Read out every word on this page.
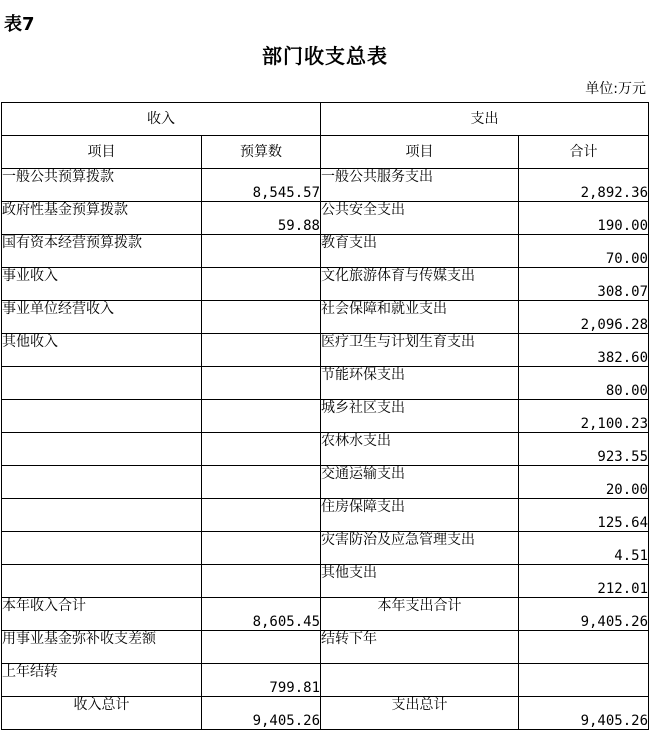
表7
部门收支总表
单位:万元
收入		支出	
项目	预算数	项目	合计
一般公共预算拨款	8,545.57	一般公共服务支出	2,892.36
政府性基金预算拨款	59.88	公共安全支出	190.00
国有资本经营预算拨款		教育支出	70.00
事业收入		文化旅游体育与传媒支出	308.07
事业单位经营收入		社会保障和就业支出	2,096.28
其他收入		医疗卫生与计划生育支出	382.60
		节能环保支出	80.00
		城乡社区支出	2,100.23
		农林水支出	923.55
		交通运输支出	20.00
		住房保障支出	125.64
		灾害防治及应急管理支出	4.51
		其他支出	212.01
本年收入合计	8,605.45	本年支出合计	9,405.26
用事业基金弥补收支差额		结转下年	
上年结转	799.81		
收入总计	9,405.26	支出总计	9,405.26
